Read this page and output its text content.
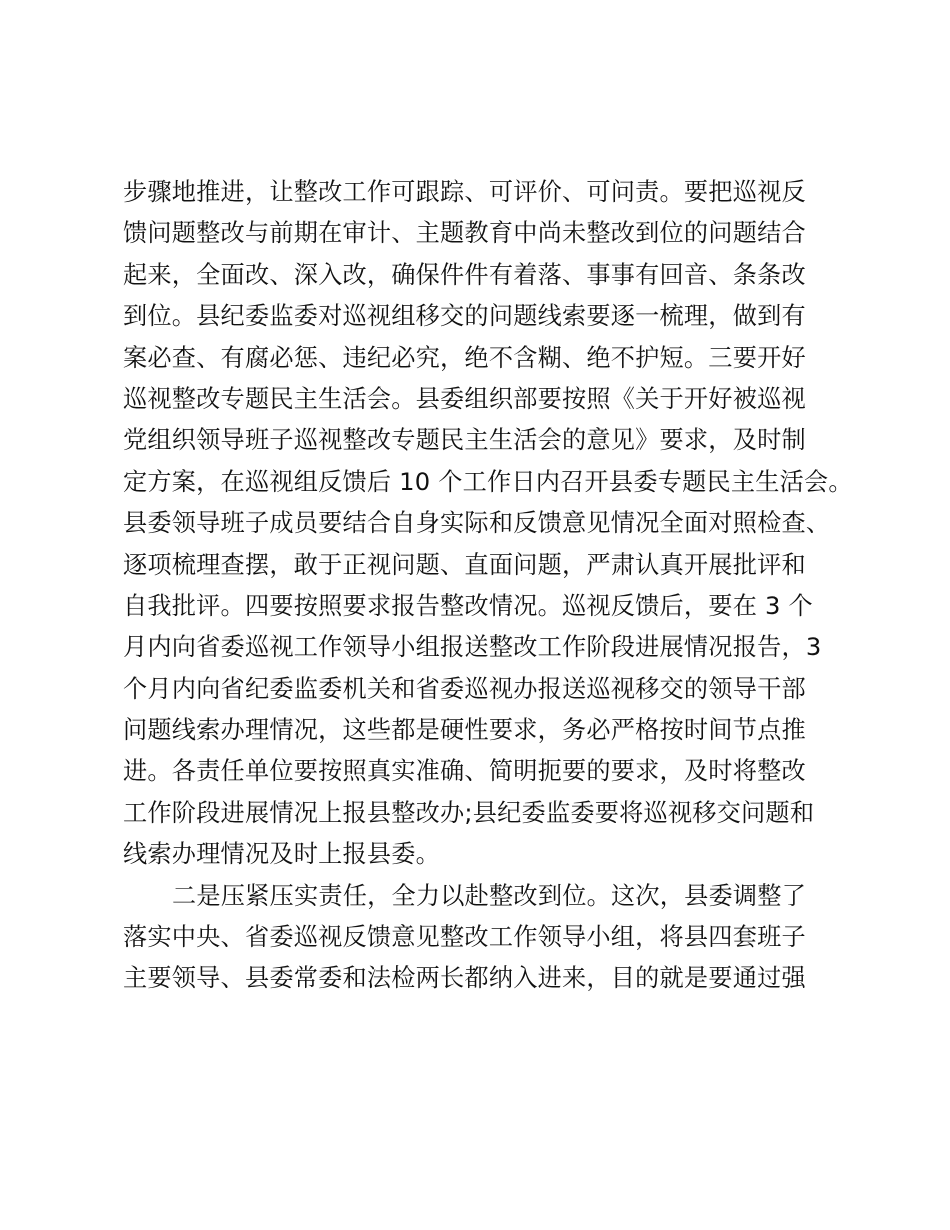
步骤地推进，让整改工作可跟踪、可评价、可问责。要把巡视反
馈问题整改与前期在审计、主题教育中尚未整改到位的问题结合
起来，全面改、深入改，确保件件有着落、事事有回音、条条改
到位。县纪委监委对巡视组移交的问题线索要逐一梳理，做到有
案必查、有腐必惩、违纪必究，绝不含糊、绝不护短。三要开好
巡视整改专题民主生活会。县委组织部要按照《关于开好被巡视
党组织领导班子巡视整改专题民主生活会的意见》要求，及时制
定方案，在巡视组反馈后 10 个工作日内召开县委专题民主生活会。
县委领导班子成员要结合自身实际和反馈意见情况全面对照检查、
逐项梳理查摆，敢于正视问题、直面问题，严肃认真开展批评和
自我批评。四要按照要求报告整改情况。巡视反馈后，要在 3 个
月内向省委巡视工作领导小组报送整改工作阶段进展情况报告，3
个月内向省纪委监委机关和省委巡视办报送巡视移交的领导干部
问题线索办理情况，这些都是硬性要求，务必严格按时间节点推
进。各责任单位要按照真实准确、简明扼要的要求，及时将整改
工作阶段进展情况上报县整改办;县纪委监委要将巡视移交问题和
线索办理情况及时上报县委。
二是压紧压实责任，全力以赴整改到位。这次，县委调整了
落实中央、省委巡视反馈意见整改工作领导小组，将县四套班子
主要领导、县委常委和法检两长都纳入进来，目的就是要通过强
